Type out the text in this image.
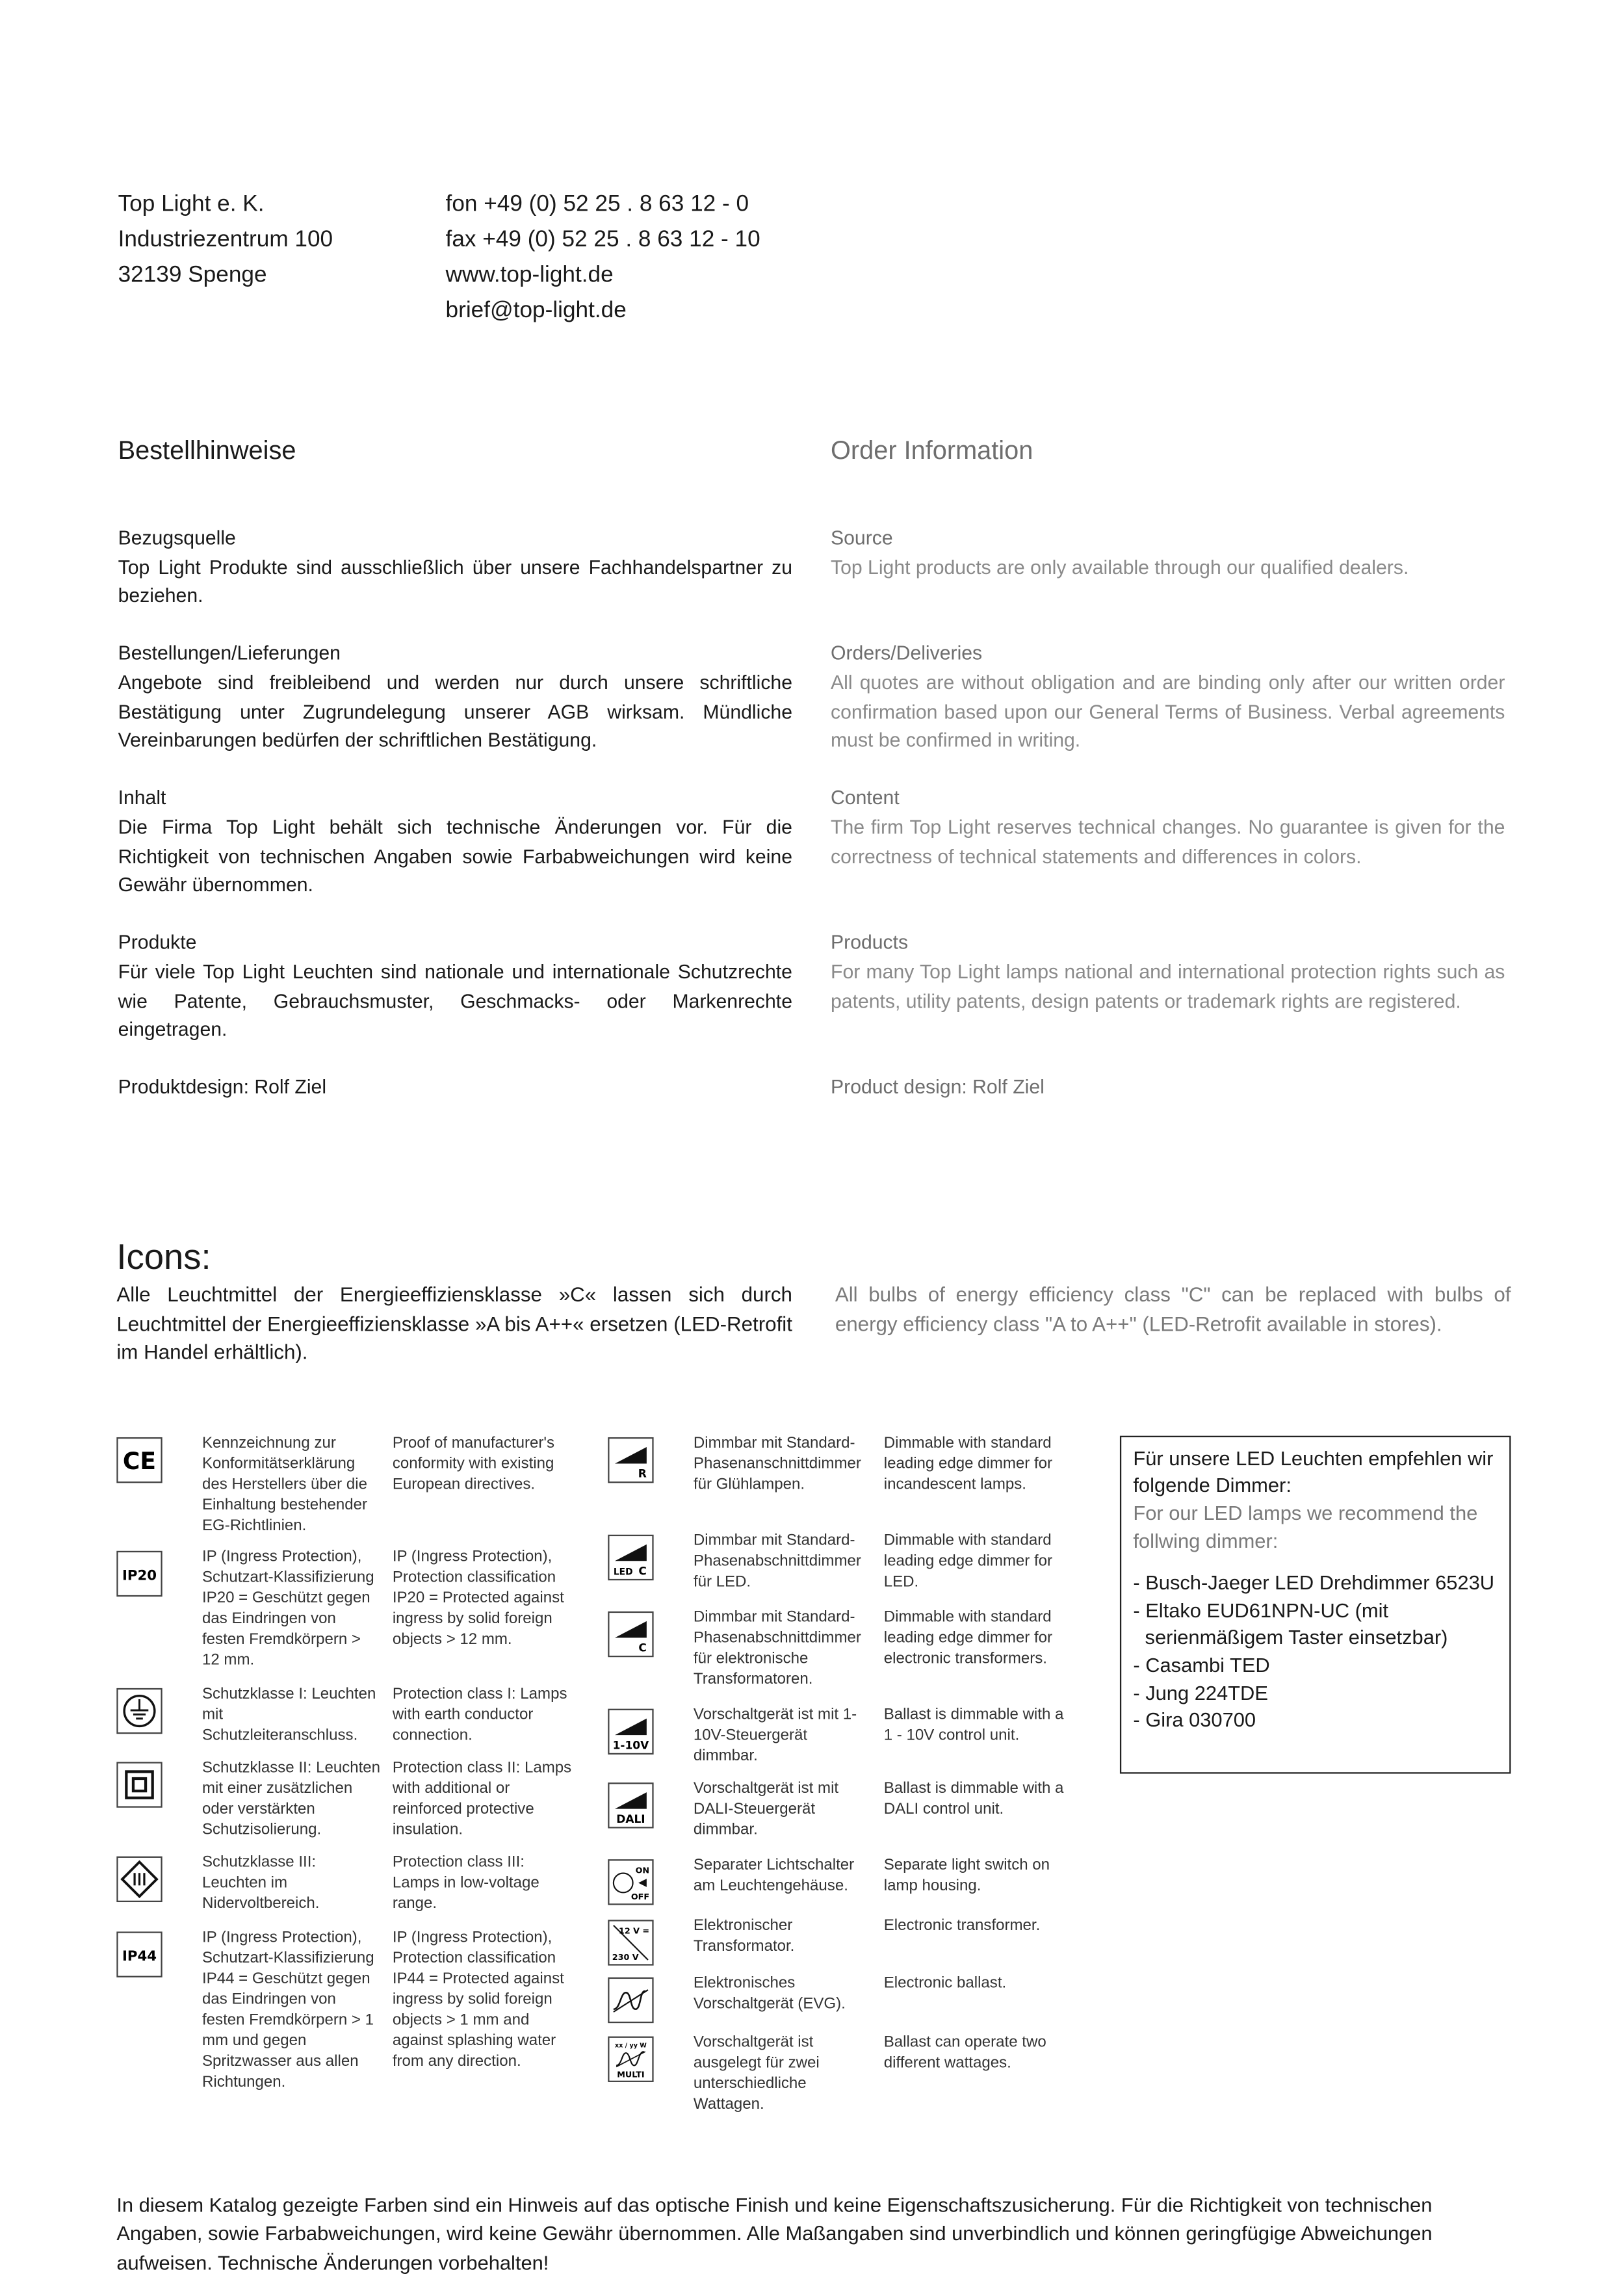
Top Light e. K.
Industriezentrum 100
32139 Spenge
fon +49 (0) 52 25 . 8 63 12 - 0
fax +49 (0) 52 25 . 8 63 12 - 10
www.top-light.de
brief@top-light.de
Bestellhinweise	Order Information
Bezugsquelle
Top Light Produkte sind ausschließlich über unsere Fachhandelspartner zu beziehen.
Source
Top Light products are only available through our qualified dealers.
Bestellungen/Lieferungen
Angebote sind freibleibend und werden nur durch unsere schriftliche Bestätigung unter Zugrundelegung unserer AGB wirksam. Mündliche Vereinbarungen bedürfen der schriftlichen Bestätigung.
Orders/Deliveries
All quotes are without obligation and are binding only after our written order confirmation based upon our General Terms of Business. Verbal agreements must be confirmed in writing.
Inhalt
Die Firma Top Light behält sich technische Änderungen vor. Für die Richtigkeit von technischen Angaben sowie Farbabweichungen wird keine Gewähr übernommen.
Content
The firm Top Light reserves technical changes. No guarantee is given for the correctness of technical statements and differences in colors.
Produkte
Für viele Top Light Leuchten sind nationale und internationale Schutzrechte wie Patente, Gebrauchsmuster, Geschmacks- oder Markenrechte eingetragen.
Products
For many Top Light lamps national and international protection rights such as patents, utility patents, design patents or trademark rights are registered.
Produktdesign: Rolf Ziel	Product design: Rolf Ziel
Icons:
Alle Leuchtmittel der Energieeffiziensklasse »C« lassen sich durch Leuchtmittel der Energieeffiziensklasse »A bis A++« ersetzen (LED-Retrofit im Handel erhältlich).
All bulbs of energy efficiency class "C" can be replaced with bulbs of energy efficiency class "A to A++" (LED-Retrofit available in stores).
CE
Kennzeichnung zur Konformitätserklärung des Herstellers über die Einhaltung bestehender EG-Richtlinien.
Proof of manufacturer's conformity with existing European directives.
IP20
IP (Ingress Protection), Schutzart-Klassifizierung IP20 = Geschützt gegen das Eindringen von festen Fremdkörpern > 12 mm.
IP (Ingress Protection), Protection classification IP20 = Protected against ingress by solid foreign objects > 12 mm.
Schutzklasse I: Leuchten mit Schutzleiteranschluss.
Protection class I: Lamps with earth conductor connection.
Schutzklasse II: Leuchten mit einer zusätzlichen oder verstärkten Schutzisolierung.
Protection class II: Lamps with additional or reinforced protective insulation.
Schutzklasse III: Leuchten im Nidervoltbereich.
Protection class III: Lamps in low-voltage range.
IP44
IP (Ingress Protection), Schutzart-Klassifizierung IP44 = Geschützt gegen das Eindringen von festen Fremdkörpern > 1 mm und gegen Spritzwasser aus allen Richtungen.
IP (Ingress Protection), Protection classification IP44 = Protected against ingress by solid foreign objects > 1 mm and against splashing water from any direction.
R
Dimmbar mit Standard-Phasenanschnittdimmer für Glühlampen.
Dimmable with standard leading edge dimmer for incandescent lamps.
LED C
Dimmbar mit Standard-Phasenabschnittdimmer für LED.
Dimmable with standard leading edge dimmer for LED.
C
Dimmbar mit Standard-Phasenabschnittdimmer für elektronische Transformatoren.
Dimmable with standard leading edge dimmer for electronic transformers.
1-10V
Vorschaltgerät ist mit 1- 10V-Steuergerät dimmbar.
Ballast is dimmable with a 1 - 10V control unit.
DALI
Vorschaltgerät ist mit DALI-Steuergerät dimmbar.
Ballast is dimmable with a DALI control unit.
ON
OFF
Separater Lichtschalter am Leuchtengehäuse.
Separate light switch on lamp housing.
12 V =
230 V
Elektronischer Transformator.
Electronic transformer.
Elektronisches Vorschaltgerät (EVG).
Electronic ballast.
xx / yy W
MULTI
Vorschaltgerät ist ausgelegt für zwei unterschiedliche Wattagen.
Ballast can operate two different wattages.
Für unsere LED Leuchten empfehlen wir folgende Dimmer:
For our LED lamps we recommend the follwing dimmer:
- Busch-Jaeger LED Drehdimmer 6523U
- Eltako EUD61NPN-UC (mit serienmäßigem Taster einsetzbar)
- Casambi TED
- Jung 224TDE
- Gira 030700
In diesem Katalog gezeigte Farben sind ein Hinweis auf das optische Finish und keine Eigenschaftszusicherung. Für die Richtigkeit von technischen Angaben, sowie Farbabweichungen, wird keine Gewähr übernommen. Alle Maßangaben sind unverbindlich und können geringfügige Abweichungen aufweisen. Technische Änderungen vorbehalten!
